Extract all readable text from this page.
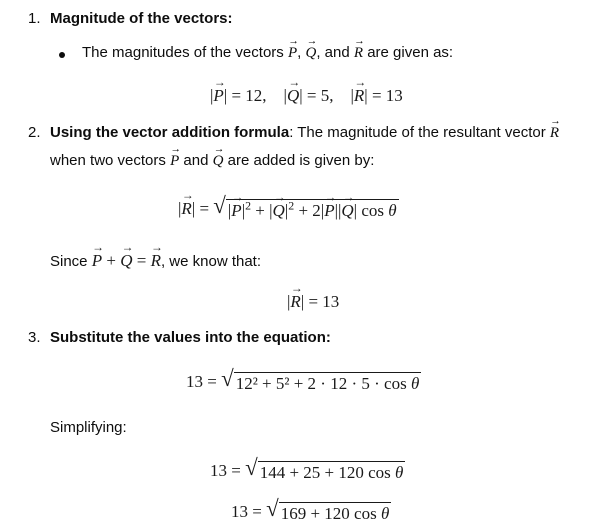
1. Magnitude of the vectors:
The magnitudes of the vectors → P, → Q, and → R are given as:
|→ P| = 12,    |→ Q| = 5,    |→ R| = 13
2. Using the vector addition formula: The magnitude of the resultant vector → R
when two vectors → P and → Q are added is given by:
|→ R| = √ |→ $P|^2$ + |→ $Q|^2 + 2|\to P||\to Q|$ cos θ
Since → P + → Q = → R, we know that:
|→ R| = 13
3. Substitute the values into the equation:
13 = √ 12² + 5² + 2 · 12 · 5 · cos θ
Simplifying:
13 = √ 144 + 25 + 120 cos θ
13 = √ 169 + 120 cos θ
